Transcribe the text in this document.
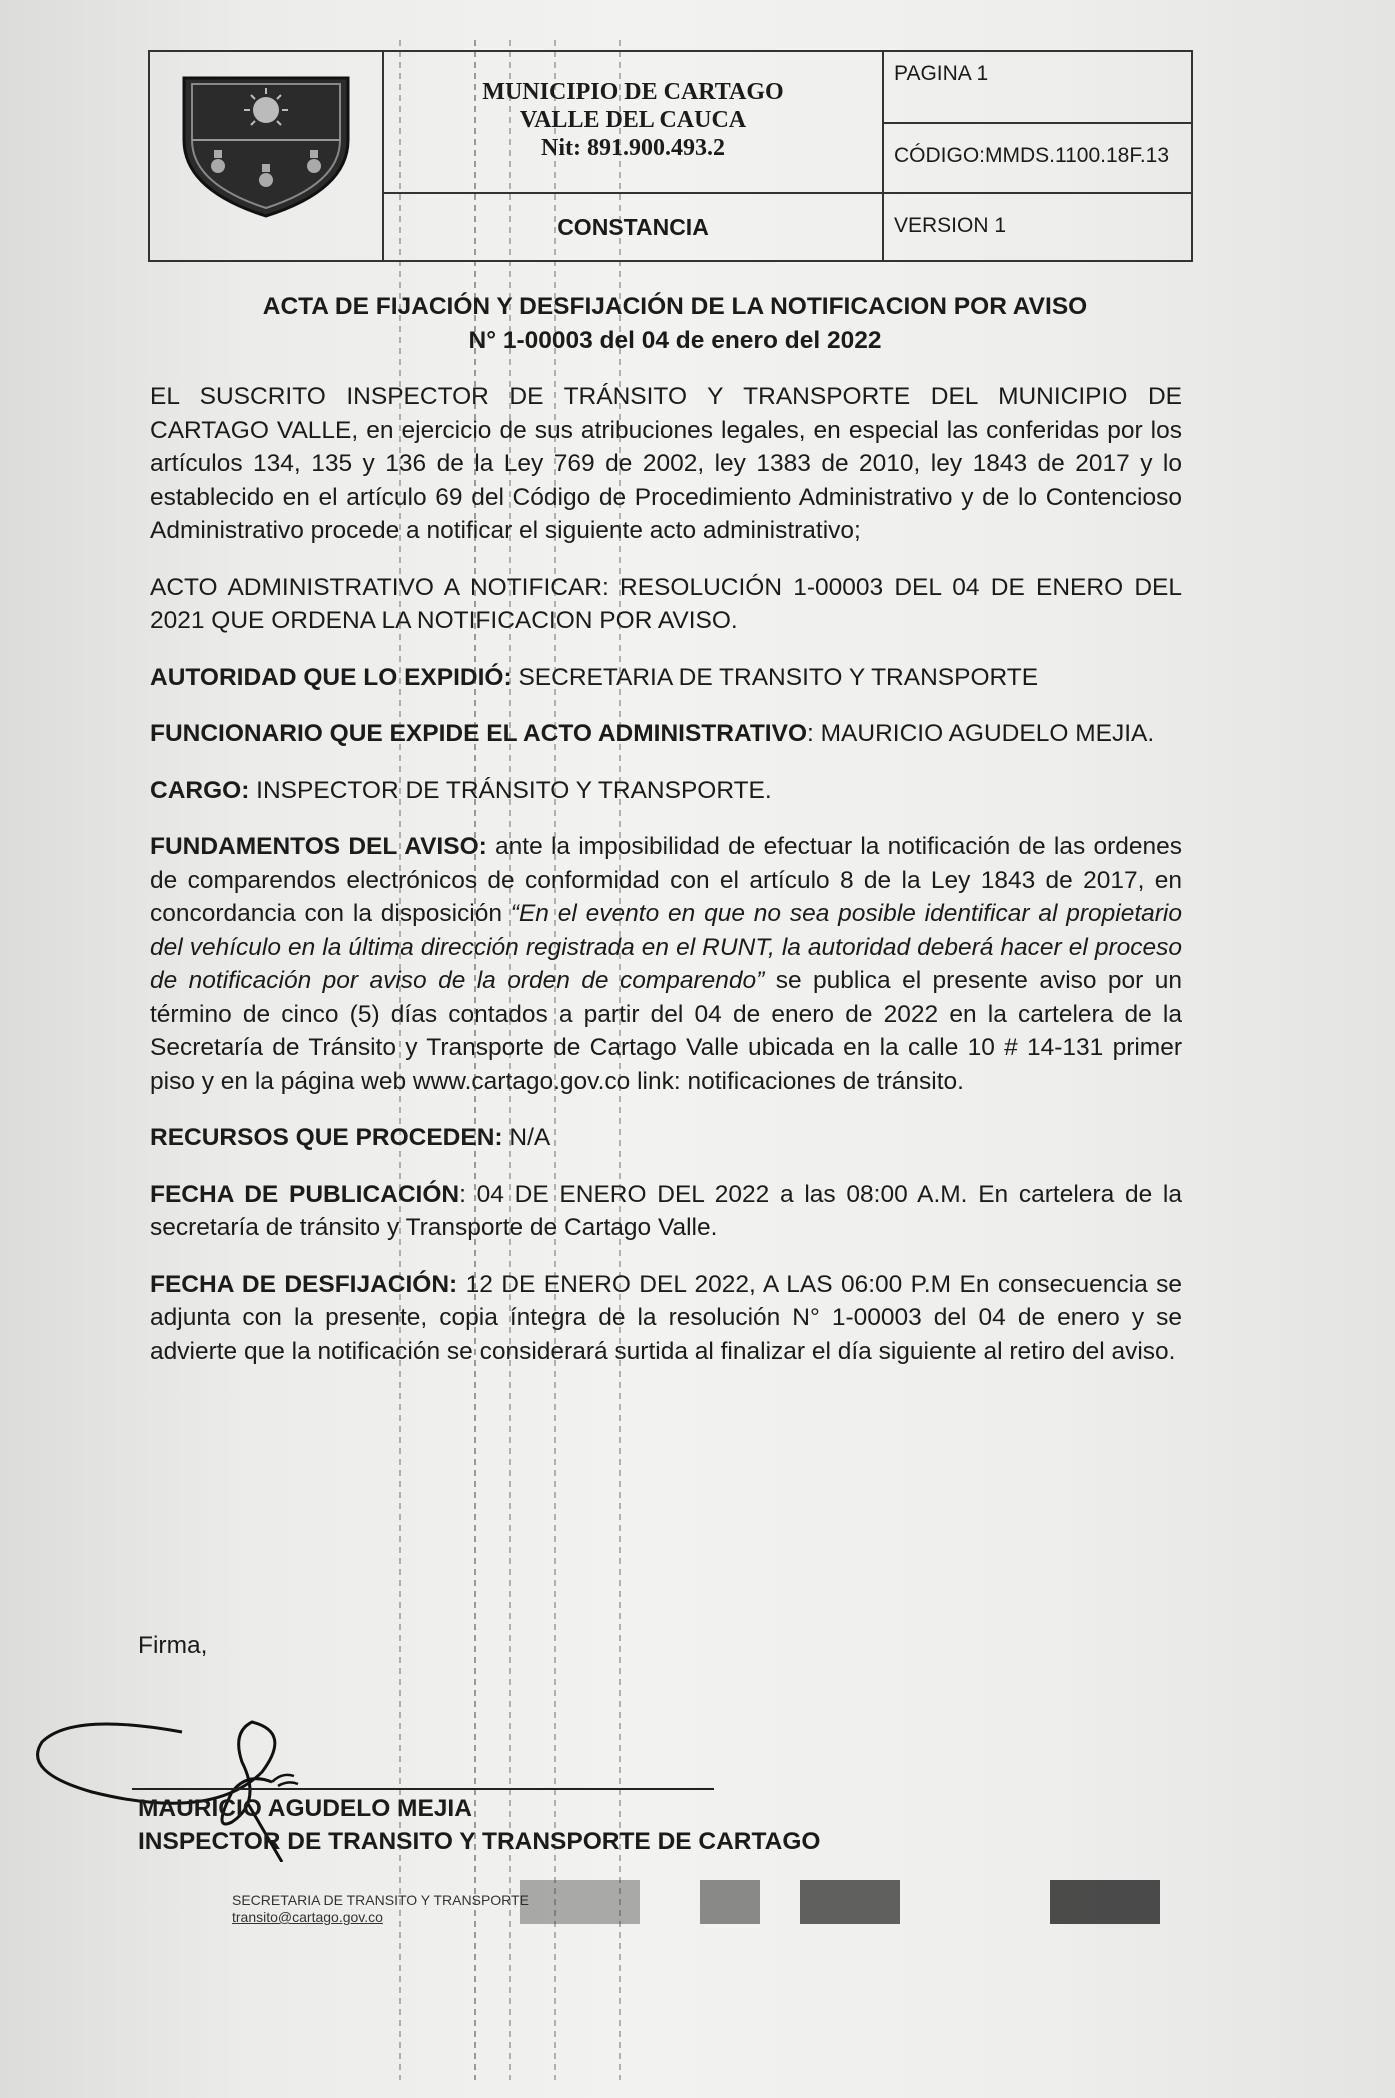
MUNICIPIO DE CARTAGO
VALLE DEL CAUCA
Nit: 891.900.493.2
CONSTANCIA
PAGINA 1
CÓDIGO:MMDS.1100.18F.13
VERSION 1
ACTA DE FIJACIÓN Y DESFIJACIÓN DE LA NOTIFICACION POR AVISO
N° 1-00003 del 04 de enero del 2022

EL SUSCRITO INSPECTOR DE TRÁNSITO Y TRANSPORTE DEL MUNICIPIO DE CARTAGO VALLE, en ejercicio de sus atribuciones legales, en especial las conferidas por los artículos 134, 135 y 136 de la Ley 769 de 2002, ley 1383 de 2010, ley 1843 de 2017 y lo establecido en el artículo 69 del Código de Procedimiento Administrativo y de lo Contencioso Administrativo procede a notificar el siguiente acto administrativo;

ACTO ADMINISTRATIVO A NOTIFICAR: RESOLUCIÓN 1-00003 DEL 04 DE ENERO DEL 2021 QUE ORDENA LA NOTIFICACION POR AVISO.

AUTORIDAD QUE LO EXPIDIÓ: SECRETARIA DE TRANSITO Y TRANSPORTE

FUNCIONARIO QUE EXPIDE EL ACTO ADMINISTRATIVO: MAURICIO AGUDELO MEJIA.

CARGO: INSPECTOR DE TRÁNSITO Y TRANSPORTE.

FUNDAMENTOS DEL AVISO: ante la imposibilidad de efectuar la notificación de las ordenes de comparendos electrónicos de conformidad con el artículo 8 de la Ley 1843 de 2017, en concordancia con la disposición “En el evento en que no sea posible identificar al propietario del vehículo en la última dirección registrada en el RUNT, la autoridad deberá hacer el proceso de notificación por aviso de la orden de comparendo” se publica el presente aviso por un término de cinco (5) días contados a partir del 04 de enero de 2022 en la cartelera de la Secretaría de Tránsito y Transporte de Cartago Valle ubicada en la calle 10 # 14-131 primer piso y en la página web www.cartago.gov.co link: notificaciones de tránsito.

RECURSOS QUE PROCEDEN: N/A

FECHA DE PUBLICACIÓN: 04 DE ENERO DEL 2022 a las 08:00 A.M. En cartelera de la secretaría de tránsito y Transporte de Cartago Valle.

FECHA DE DESFIJACIÓN: 12 DE ENERO DEL 2022, A LAS 06:00 P.M En consecuencia se adjunta con la presente, copia íntegra de la resolución N° 1-00003 del 04 de enero y se advierte que la notificación se considerará surtida al finalizar el día siguiente al retiro del aviso.

Firma,
MAURICIO AGUDELO MEJIA
INSPECTOR DE TRANSITO Y TRANSPORTE DE CARTAGO
SECRETARIA DE TRANSITO Y TRANSPORTE
transito@cartago.gov.co
